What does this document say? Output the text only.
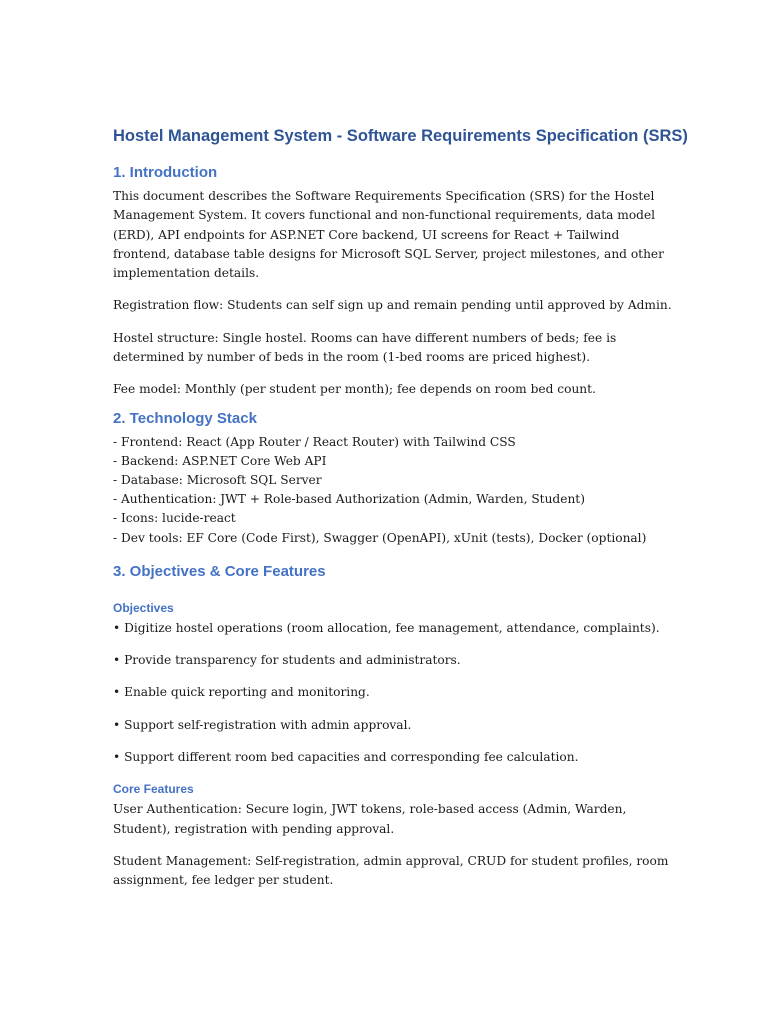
Hostel Management System - Software Requirements Specification (SRS)
1. Introduction
This document describes the Software Requirements Specification (SRS) for the Hostel Management System. It covers functional and non-functional requirements, data model (ERD), API endpoints for ASP.NET Core backend, UI screens for React + Tailwind frontend, database table designs for Microsoft SQL Server, project milestones, and other implementation details.
Registration flow: Students can self sign up and remain pending until approved by Admin.
Hostel structure: Single hostel. Rooms can have different numbers of beds; fee is determined by number of beds in the room (1-bed rooms are priced highest).
Fee model: Monthly (per student per month); fee depends on room bed count.
2. Technology Stack
- Frontend: React (App Router / React Router) with Tailwind CSS
- Backend: ASP.NET Core Web API
- Database: Microsoft SQL Server
- Authentication: JWT + Role-based Authorization (Admin, Warden, Student)
- Icons: lucide-react
- Dev tools: EF Core (Code First), Swagger (OpenAPI), xUnit (tests), Docker (optional)
3. Objectives & Core Features
Objectives
• Digitize hostel operations (room allocation, fee management, attendance, complaints).
• Provide transparency for students and administrators.
• Enable quick reporting and monitoring.
• Support self-registration with admin approval.
• Support different room bed capacities and corresponding fee calculation.
Core Features
User Authentication: Secure login, JWT tokens, role-based access (Admin, Warden, Student), registration with pending approval.
Student Management: Self-registration, admin approval, CRUD for student profiles, room assignment, fee ledger per student.
